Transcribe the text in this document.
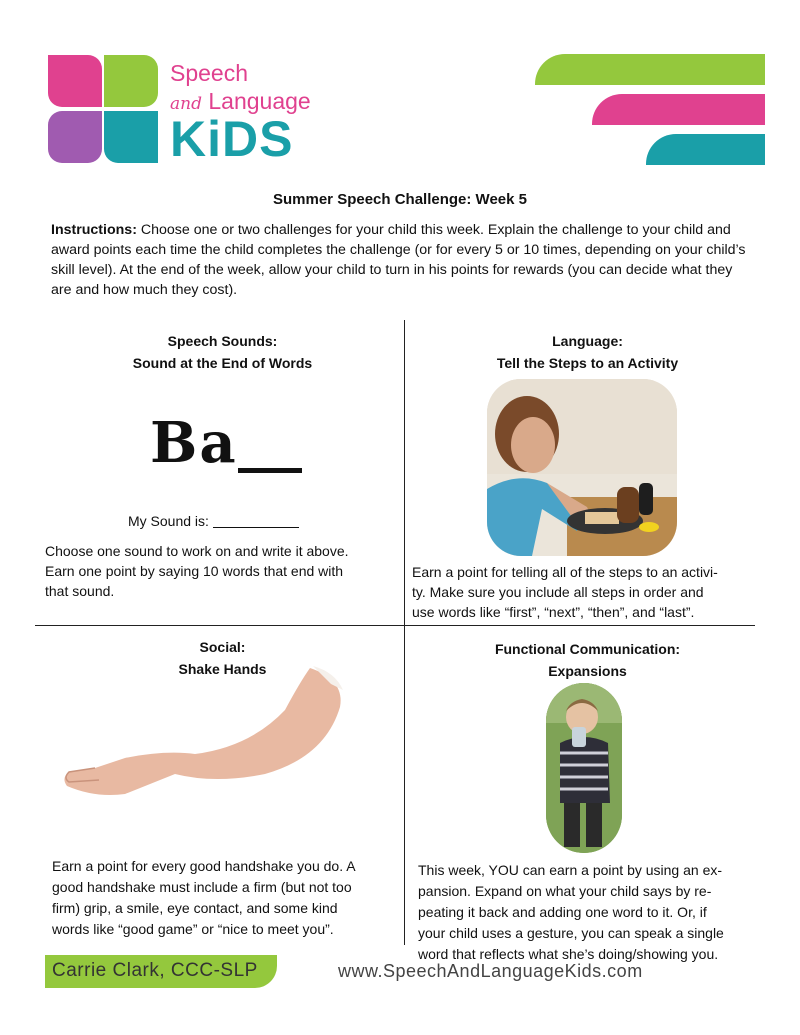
Speech
and Language
KiDS
Summer Speech Challenge: Week 5
Instructions: Choose one or two challenges for your child this week. Explain the challenge to your child and award points each time the child completes the challenge (or for every 5 or 10 times, depending on your child’s skill level). At the end of the week, allow your child to turn in his points for rewards (you can decide what they are and how much they cost).
Speech Sounds:
Sound at the End of Words
Ba
My Sound is:
Choose one sound to work on and write it above.
Earn one point by saying 10 words that end with
that sound.
Language:
Tell the Steps to an Activity
Earn a point for telling all of the steps to an activi-
ty. Make sure you include all steps in order and
use words like “first”, “next”, “then”, and “last”.
Social:
Shake Hands
Earn a point for every good handshake you do. A
good handshake must include a firm (but not too
firm) grip, a smile, eye contact, and some kind
words like “good game” or “nice to meet you”.
Functional Communication:
Expansions
This week, YOU can earn a point by using an ex-
pansion. Expand on what your child says by re-
peating it back and adding one word to it. Or, if
your child uses a gesture, you can speak a single
word that reflects what she’s doing/showing you.
Carrie Clark, CCC-SLP	www.SpeechAndLanguageKids.com
